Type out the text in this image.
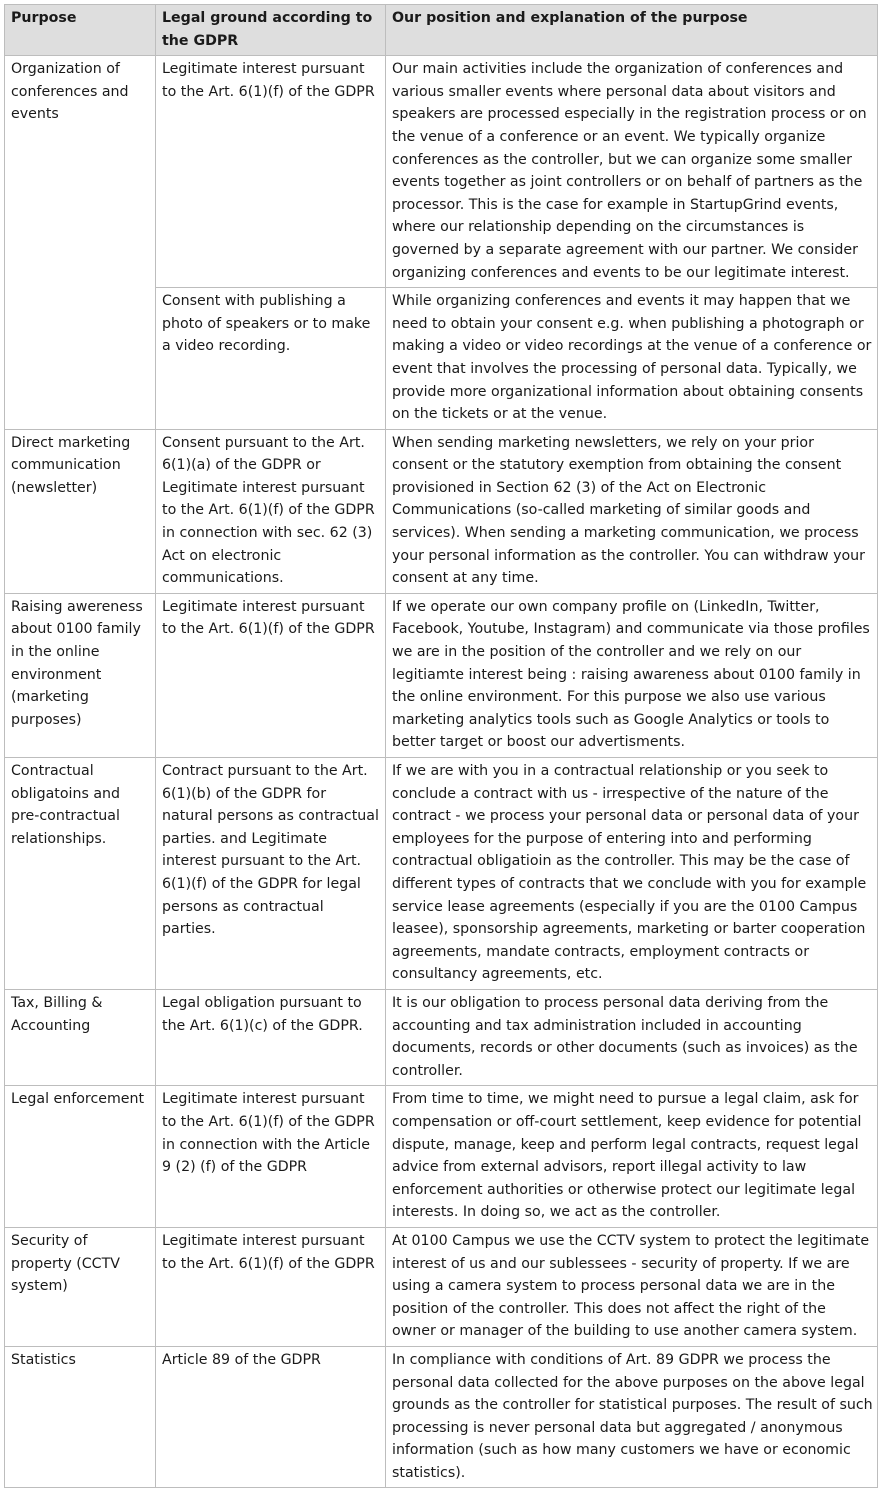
Purpose	Legal ground according to the GDPR	Our position and explanation of the purpose
Organization of conferences and events	Legitimate interest pursuant to the Art. 6(1)(f) of the GDPR	Our main activities include the organization of conferences and various smaller events where personal data about visitors and speakers are processed especially in the registration process or on the venue of a conference or an event. We typically organize conferences as the controller, but we can organize some smaller events together as joint controllers or on behalf of partners as the processor. This is the case for example in StartupGrind events, where our relationship depending on the circumstances is governed by a separate agreement with our partner. We consider organizing conferences and events to be our legitimate interest.
	Consent with publishing a photo of speakers or to make a video recording.	While organizing conferences and events it may happen that we need to obtain your consent e.g. when publishing a photograph or making a video or video recordings at the venue of a conference or event that involves the processing of personal data. Typically, we provide more organizational information about obtaining consents on the tickets or at the venue.
Direct marketing communication (newsletter)	Consent pursuant to the Art. 6(1)(a) of the GDPR or Legitimate interest pursuant to the Art. 6(1)(f) of the GDPR in connection with sec. 62 (3) Act on electronic communications.	When sending marketing newsletters, we rely on your prior consent or the statutory exemption from obtaining the consent provisioned in Section 62 (3) of the Act on Electronic Communications (so-called marketing of similar goods and services). When sending a marketing communication, we process your personal information as the controller. You can withdraw your consent at any time.
Raising awereness about 0100 family in the online environment (marketing purposes)	Legitimate interest pursuant to the Art. 6(1)(f) of the GDPR	If we operate our own company profile on (LinkedIn, Twitter, Facebook, Youtube, Instagram) and communicate via those profiles we are in the position of the controller and we rely on our legitiamte interest being : raising awareness about 0100 family in the online environment. For this purpose we also use various marketing analytics tools such as Google Analytics or tools to better target or boost our advertisments.
Contractual obligatoins and pre-contractual relationships.	Contract pursuant to the Art. 6(1)(b) of the GDPR for natural persons as contractual parties. and Legitimate interest pursuant to the Art. 6(1)(f) of the GDPR for legal persons as contractual parties.	If we are with you in a contractual relationship or you seek to conclude a contract with us - irrespective of the nature of the contract - we process your personal data or personal data of your employees for the purpose of entering into and performing contractual obligatioin as the controller. This may be the case of different types of contracts that we conclude with you for example service lease agreements (especially if you are the 0100 Campus leasee), sponsorship agreements, marketing or barter cooperation agreements, mandate contracts, employment contracts or consultancy agreements, etc.
Tax, Billing & Accounting	Legal obligation pursuant to the Art. 6(1)(c) of the GDPR.	It is our obligation to process personal data deriving from the accounting and tax administration included in accounting documents, records or other documents (such as invoices) as the controller.
Legal enforcement	Legitimate interest pursuant to the Art. 6(1)(f) of the GDPR in connection with the Article 9 (2) (f) of the GDPR	From time to time, we might need to pursue a legal claim, ask for compensation or off-court settlement, keep evidence for potential dispute, manage, keep and perform legal contracts, request legal advice from external advisors, report illegal activity to law enforcement authorities or otherwise protect our legitimate legal interests. In doing so, we act as the controller.
Security of property (CCTV system)	Legitimate interest pursuant to the Art. 6(1)(f) of the GDPR	At 0100 Campus we use the CCTV system to protect the legitimate interest of us and our sublessees - security of property. If we are using a camera system to process personal data we are in the position of the controller. This does not affect the right of the owner or manager of the building to use another camera system.
Statistics	Article 89 of the GDPR	In compliance with conditions of Art. 89 GDPR we process the personal data collected for the above purposes on the above legal grounds as the controller for statistical purposes. The result of such processing is never personal data but aggregated / anonymous information (such as how many customers we have or economic statistics).
